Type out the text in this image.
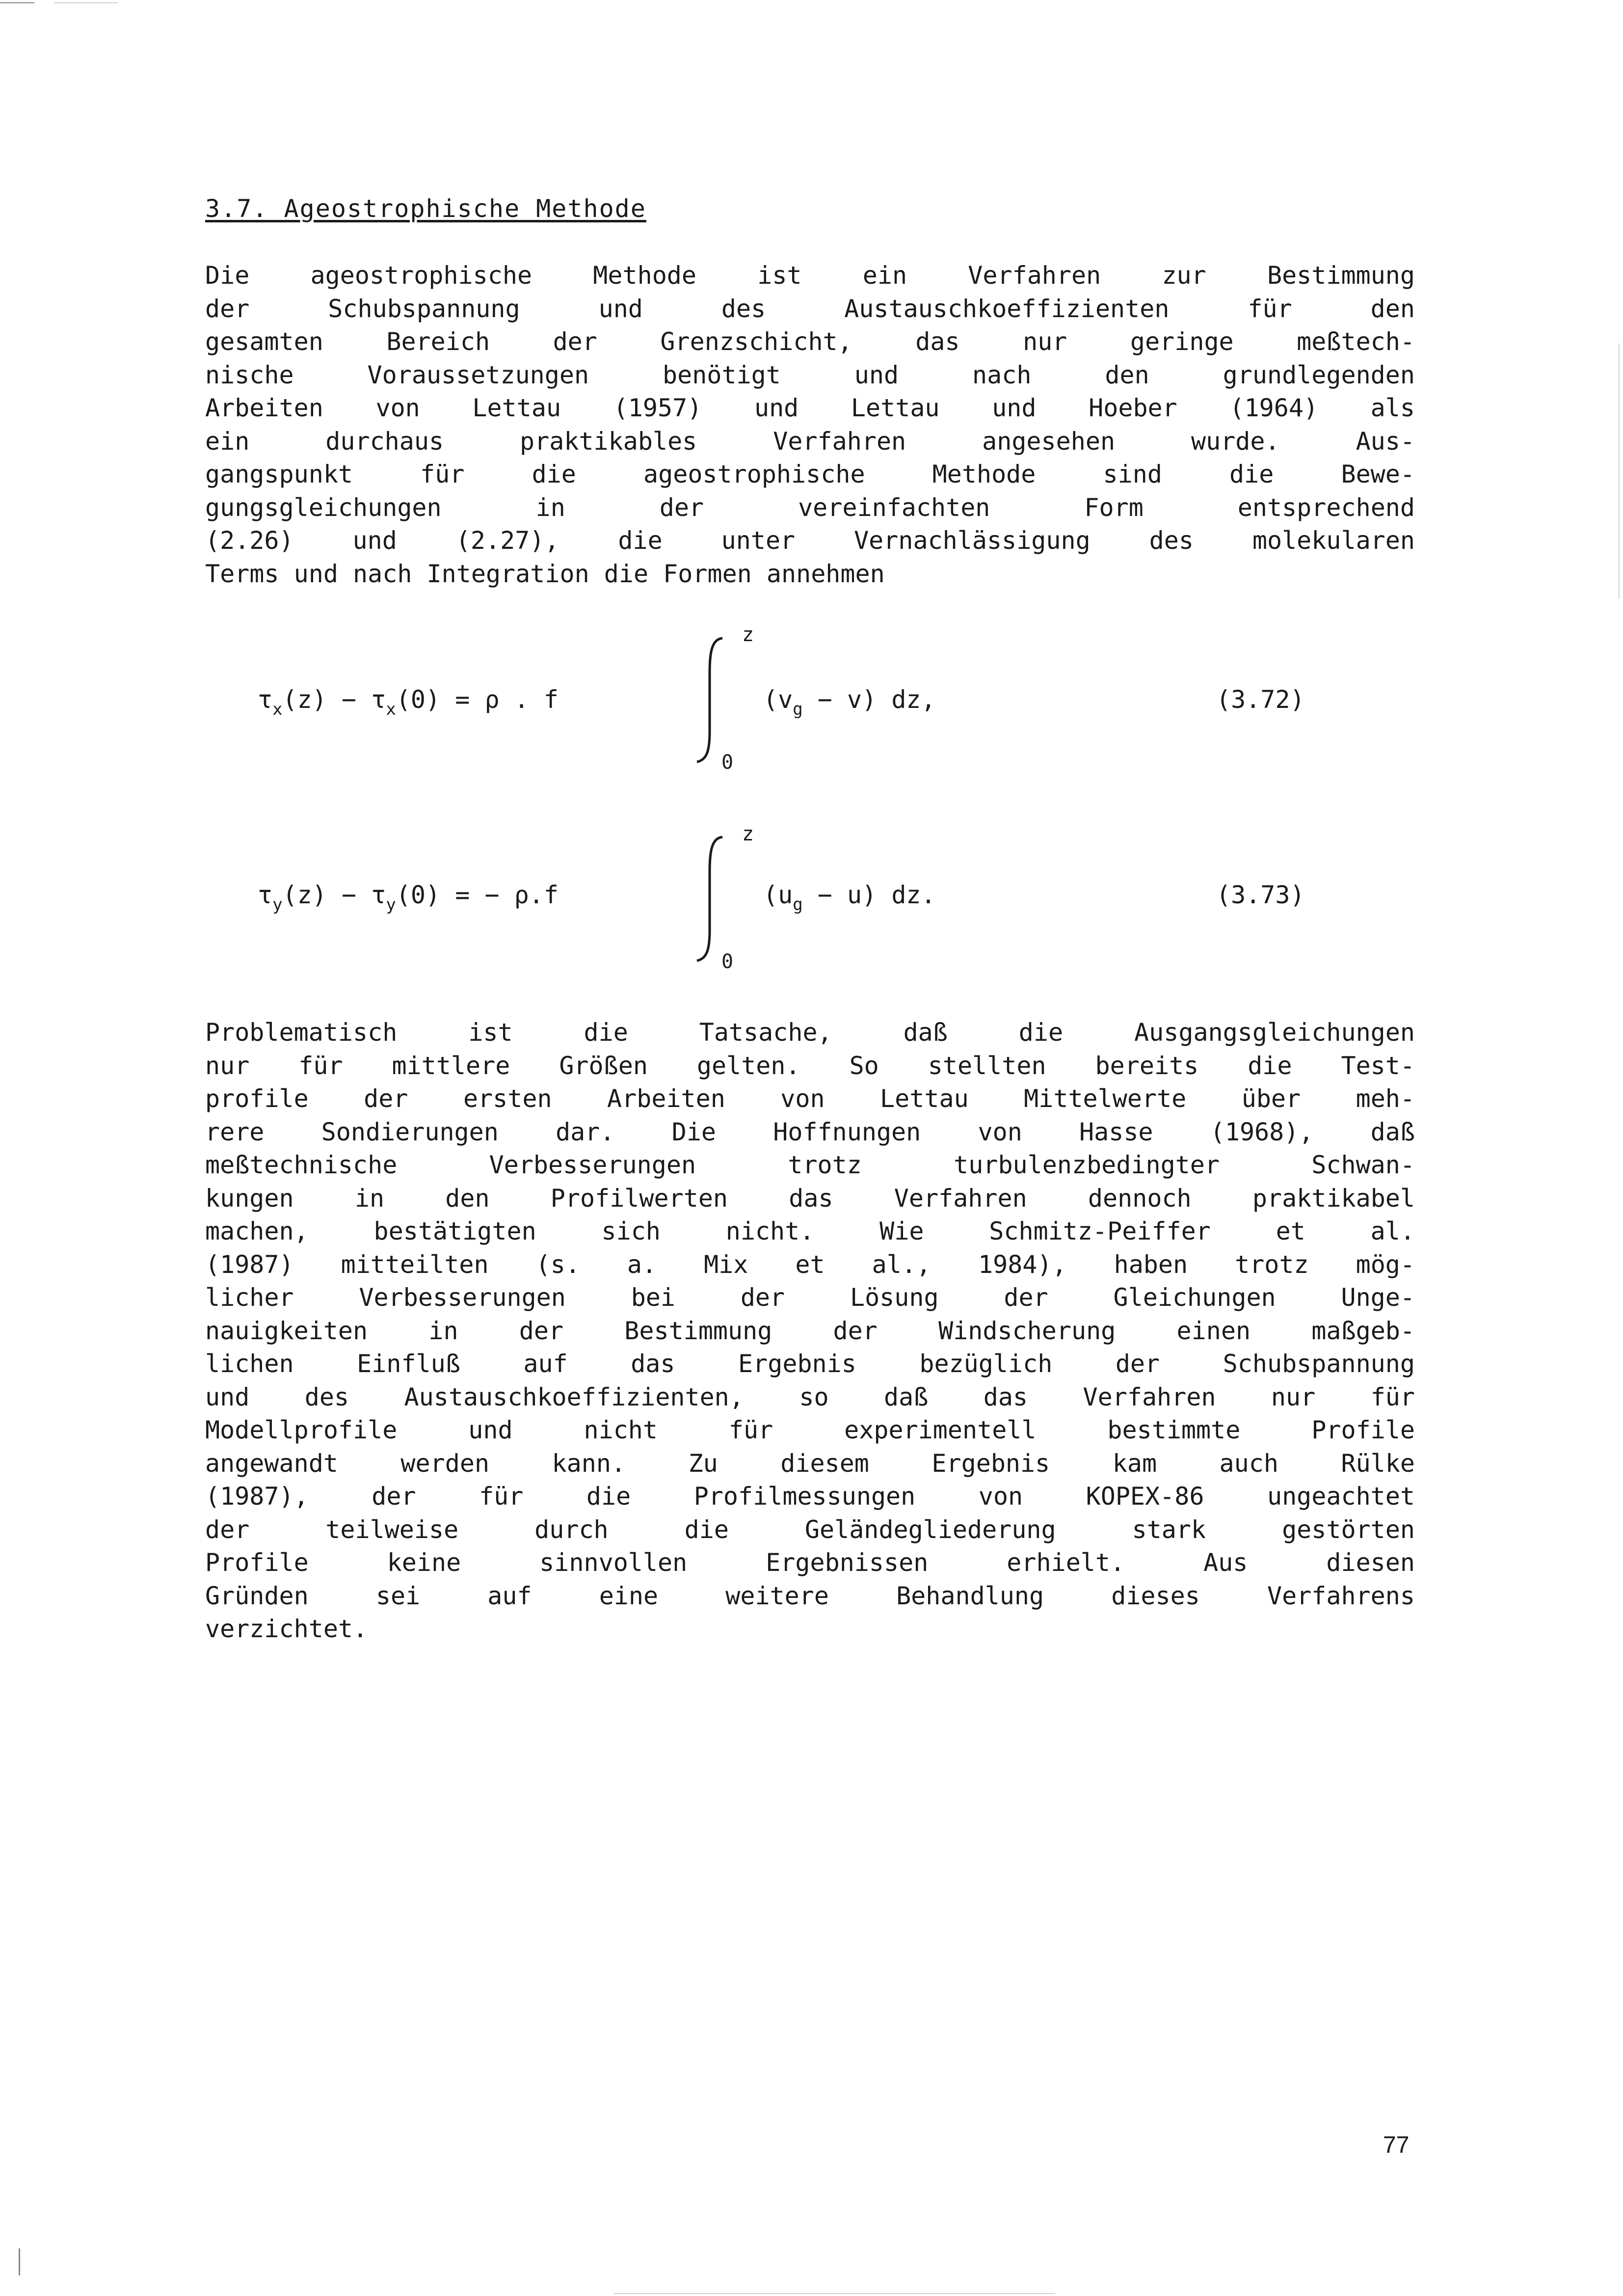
3.7. Ageostrophische Methode
Die ageostrophische Methode ist ein Verfahren zur Bestimmung
der Schubspannung und des Austauschkoeffizienten für den
gesamten Bereich der Grenzschicht, das nur geringe meßtech-
nische Voraussetzungen benötigt und nach den grundlegenden
Arbeiten von Lettau (1957) und Lettau und Hoeber (1964) als
ein durchaus praktikables Verfahren angesehen wurde. Aus-
gangspunkt für die ageostrophische Methode sind die Bewe-
gungsgleichungen in der vereinfachten Form entsprechend
(2.26) und (2.27), die unter Vernachlässigung des molekularen
Terms und nach Integration die Formen annehmen
$\tau_x(z) - \tau_x(0) = \rho$ . f
z
0
$(v_g - v)$ dz,	(3.72)
$\tau_y(z) - \tau_y(0)$ = − ρ.f
z
0
$(u_g - u)$ dz.	(3.73)
Problematisch ist die Tatsache, daß die Ausgangsgleichungen
nur für mittlere Größen gelten. So stellten bereits die Test-
profile der ersten Arbeiten von Lettau Mittelwerte über meh-
rere Sondierungen dar. Die Hoffnungen von Hasse (1968), daß
meßtechnische Verbesserungen trotz turbulenzbedingter Schwan-
kungen in den Profilwerten das Verfahren dennoch praktikabel
machen, bestätigten sich nicht. Wie Schmitz-Peiffer et al.
(1987) mitteilten (s. a. Mix et al., 1984), haben trotz mög-
licher Verbesserungen bei der Lösung der Gleichungen Unge-
nauigkeiten in der Bestimmung der Windscherung einen maßgeb-
lichen Einfluß auf das Ergebnis bezüglich der Schubspannung
und des Austauschkoeffizienten, so daß das Verfahren nur für
Modellprofile und nicht für experimentell bestimmte Profile
angewandt werden kann. Zu diesem Ergebnis kam auch Rülke
(1987), der für die Profilmessungen von KOPEX-86 ungeachtet
der teilweise durch die Geländegliederung stark gestörten
Profile keine sinnvollen Ergebnissen erhielt. Aus diesen
Gründen sei auf eine weitere Behandlung dieses Verfahrens
verzichtet.

77
